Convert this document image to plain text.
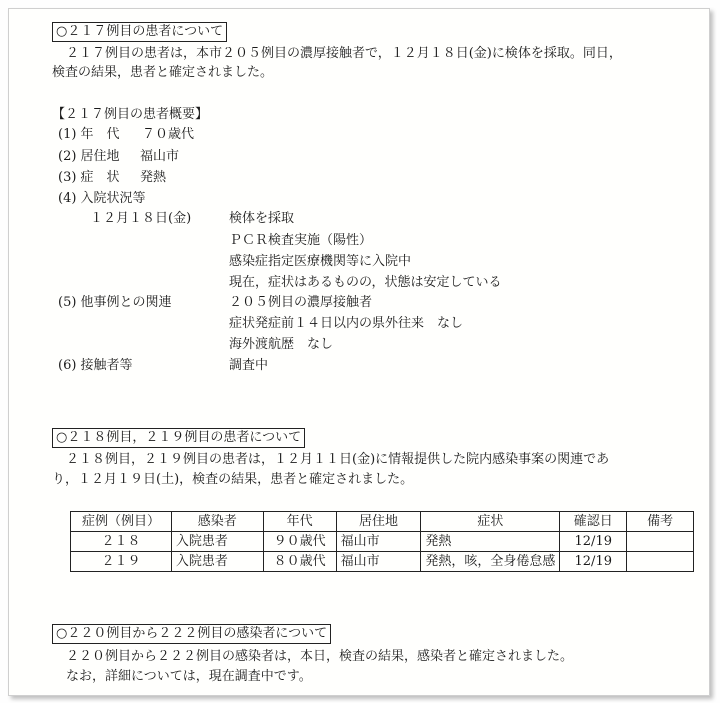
○２１７例目の患者について
２１７例目の患者は，本市２０５例目の濃厚接触者で，１２月１８日(金)に検体を採取。同日，
検査の結果，患者と確定されました。
【２１７例目の患者概要】
(1) 年　代 ７０歳代
(2) 居住地 福山市
(3) 症　状 発熱
(4) 入院状況等
１２月１８日(金)	検体を採取
ＰＣＲ検査実施（陽性）
感染症指定医療機関等に入院中
現在，症状はあるものの，状態は安定している
(5) 他事例との関連	２０５例目の濃厚接触者
症状発症前１４日以内の県外往来　なし
海外渡航歴　なし
(6) 接触者等	調査中
○２１８例目，２１９例目の患者について
２１８例目，２１９例目の患者は，１２月１１日(金)に情報提供した院内感染事案の関連であ
り，１２月１９日(土)，検査の結果，患者と確定されました。
症例（例目）	感染者	年代	居住地	症状	確認日	備考
２１８	入院患者	９０歳代	福山市	発熱	12/19	
２１９	入院患者	８０歳代	福山市	発熱，咳，全身倦怠感	12/19	
○２２０例目から２２２例目の感染者について
２２０例目から２２２例目の感染者は，本日，検査の結果，感染者と確定されました。
なお，詳細については，現在調査中です。
